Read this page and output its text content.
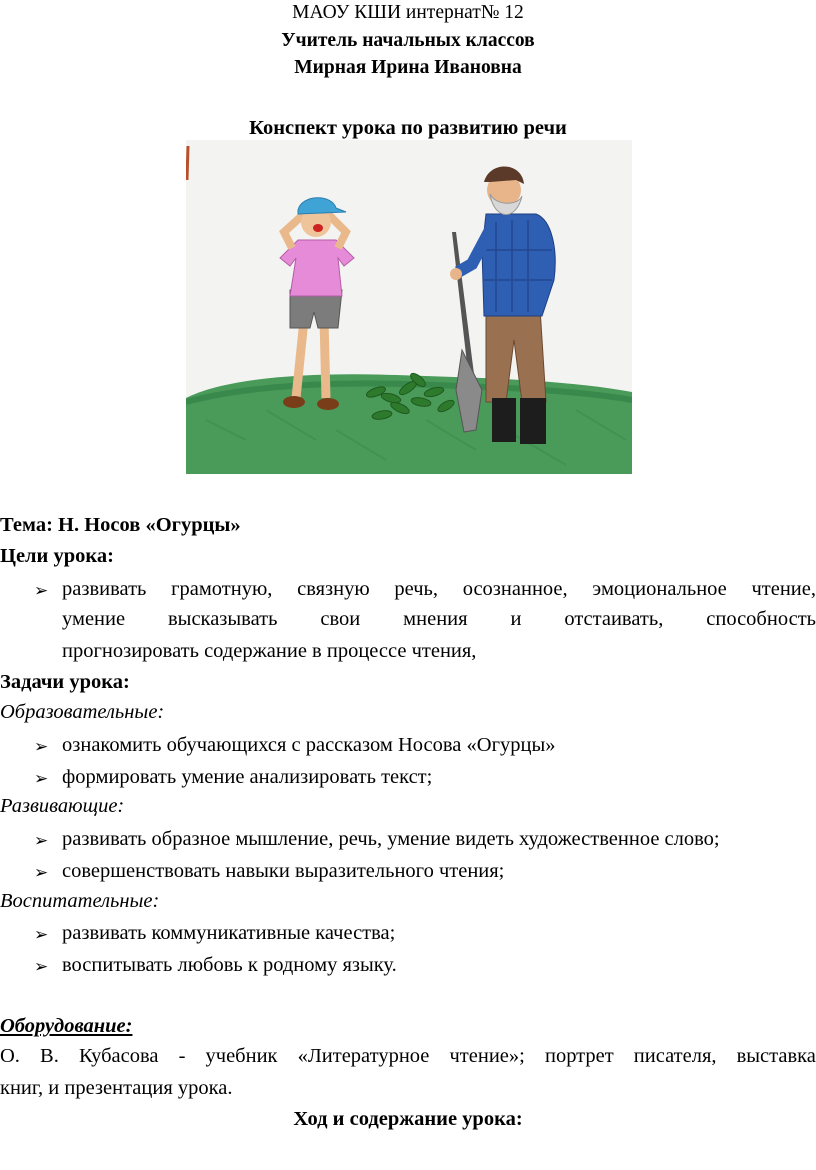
МАОУ КШИ интернат№ 12
Учитель начальных классов
Мирная Ирина Ивановна
Конспект урока по развитию речи
Тема: Н. Носов «Огурцы»
Цели урока:
➢ развивать грамотную, связную речь, осознанное, эмоциональное чтение,
умение высказывать свои мнения и отстаивать, способность
прогнозировать содержание в процессе чтения,
Задачи урока:
Образовательные:
➢ ознакомить обучающихся с рассказом Носова «Огурцы»
➢ формировать умение анализировать текст;
Развивающие:
➢ развивать образное мышление, речь, умение видеть художественное слово;
➢ совершенствовать навыки выразительного чтения;
Воспитательные:
➢ развивать коммуникативные качества;
➢ воспитывать любовь к родному языку.
Оборудование:
О. В. Кубасова - учебник «Литературное чтение»; портрет писателя, выставка
книг, и презентация урока.
Ход и содержание урока:
